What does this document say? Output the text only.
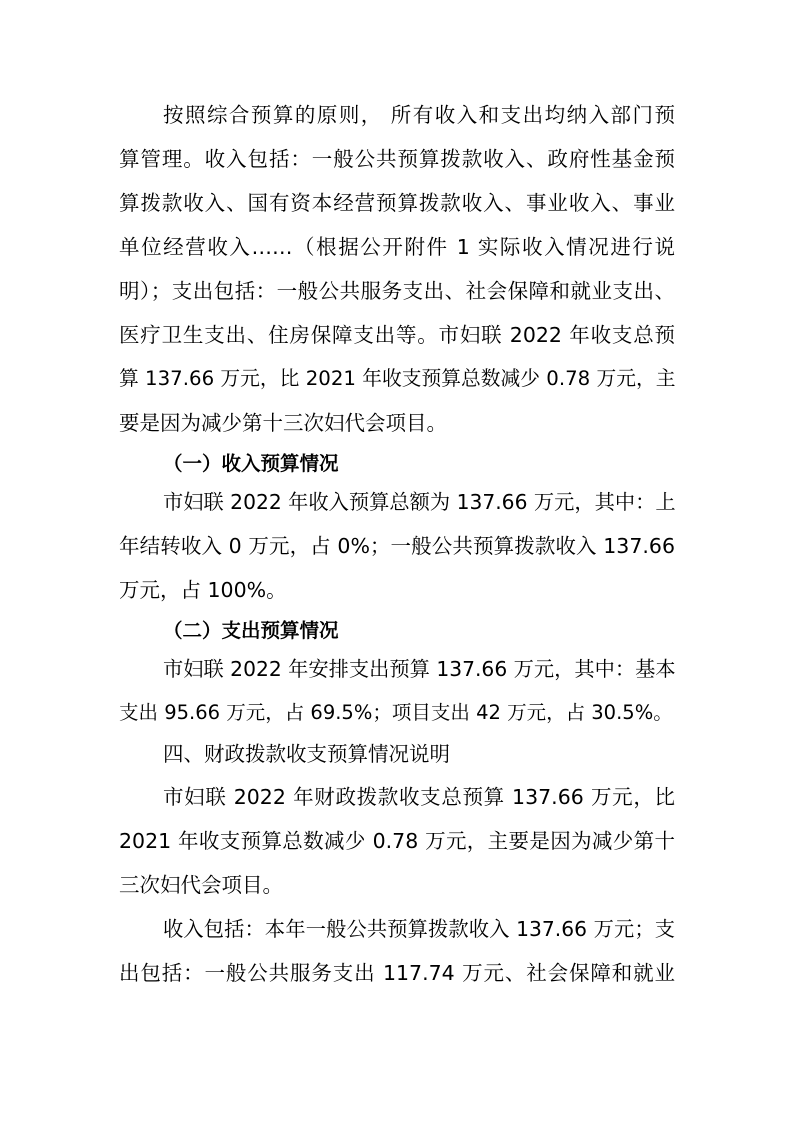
按照综合预算的原则， 所有收入和支出均纳入部门预
算管理。收入包括：一般公共预算拨款收入、政府性基金预
算拨款收入、国有资本经营预算拨款收入、事业收入、事业
单位经营收入……（根据公开附件 1 实际收入情况进行说
明）；支出包括：一般公共服务支出、社会保障和就业支出、
医疗卫生支出、住房保障支出等。市妇联 2022 年收支总预
算 137.66 万元，比 2021 年收支预算总数减少 0.78 万元，主
要是因为减少第十三次妇代会项目。
（一）收入预算情况
市妇联 2022 年收入预算总额为 137.66 万元，其中：上
年结转收入 0 万元，占 0%；一般公共预算拨款收入 137.66
万元，占 100%。
（二）支出预算情况
市妇联 2022 年安排支出预算 137.66 万元，其中：基本
支出 95.66 万元，占 69.5%；项目支出 42 万元，占 30.5%。
四、财政拨款收支预算情况说明
市妇联 2022 年财政拨款收支总预算 137.66 万元，比
2021 年收支预算总数减少 0.78 万元，主要是因为减少第十
三次妇代会项目。
收入包括：本年一般公共预算拨款收入 137.66 万元；支
出包括：一般公共服务支出 117.74 万元、社会保障和就业
